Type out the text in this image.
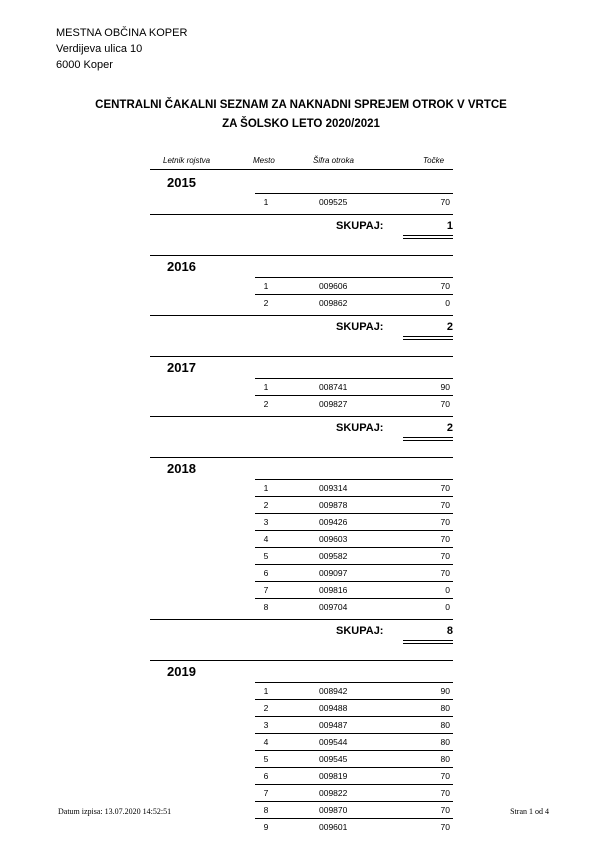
MESTNA OBČINA KOPER
Verdijeva ulica 10
6000 Koper
CENTRALNI ČAKALNI SEZNAM ZA NAKNADNI SPREJEM OTROK V VRTCE
ZA ŠOLSKO LETO 2020/2021
Letnik rojstva	Mesto	Šifra otroka	Točke
2015
1	009525	70
SKUPAJ:	1
2016
1	009606	70
2	009862	0
SKUPAJ:	2
2017
1	008741	90
2	009827	70
SKUPAJ:	2
2018
1	009314	70
2	009878	70
3	009426	70
4	009603	70
5	009582	70
6	009097	70
7	009816	0
8	009704	0
SKUPAJ:	8
2019
1	008942	90
2	009488	80
3	009487	80
4	009544	80
5	009545	80
6	009819	70
7	009822	70
8	009870	70
9	009601	70
Datum izpisa: 13.07.2020 14:52:51	Stran 1 od 4
